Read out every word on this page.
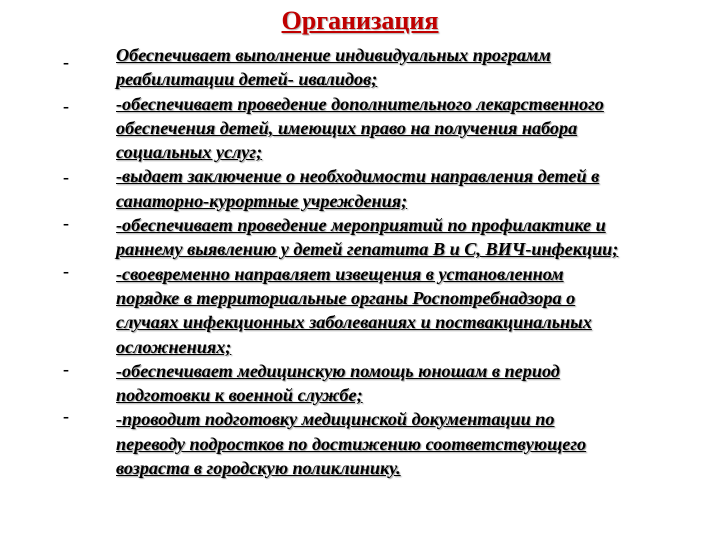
Организация
-
-
-
-
-
-
-
Обеспечивает выполнение индивидуальных программ
реабилитации детей- ивалидов;
-обеспечивает проведение дополнительного лекарственного
обеспечения детей, имеющих право на получения набора
социальных услуг;
-выдает заключение о необходимости направления детей в
санаторно-курортные учреждения;
-обеспечивает проведение мероприятий по профилактике и
раннему выявлению у детей гепатита В и С, ВИЧ-инфекции;
-своевременно направляет извещения в установленном
порядке в территориальные органы Роспотребнадзора о
случаях инфекционных заболеваниях и поствакцинальных
осложнениях;
-обеспечивает медицинскую помощь юношам в период
подготовки к военной службе;
-проводит подготовку медицинской документации по
переводу подростков по достижению соответствующего
возраста в городскую поликлинику.
